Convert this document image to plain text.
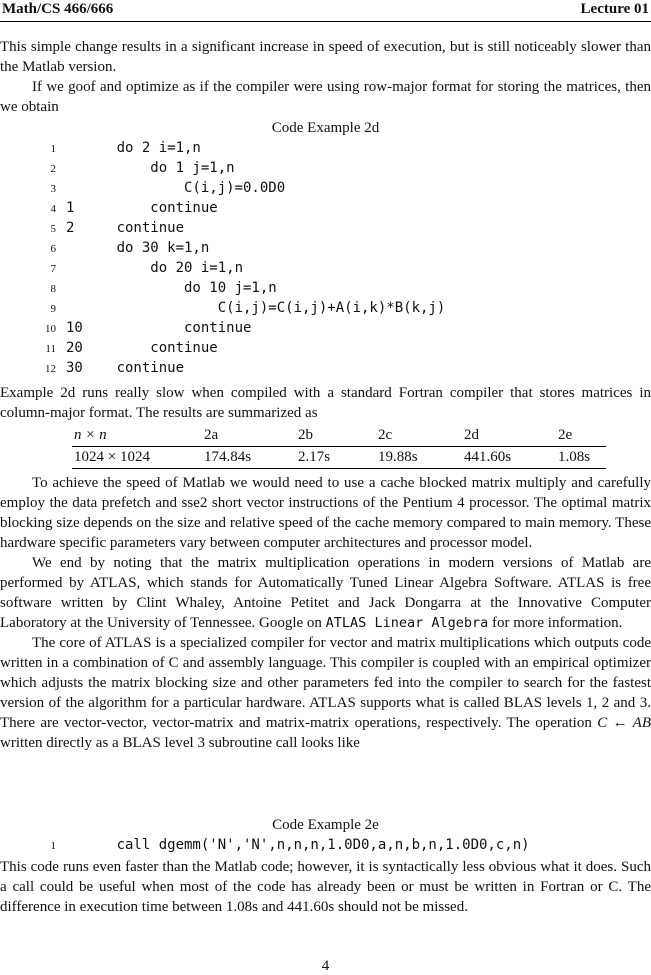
Math/CS 466/666	Lecture 01

This simple change results in a significant increase in speed of execution, but is still noticeably slower than the Matlab version.

If we goof and optimize as if the compiler were using row-major format for storing the matrices, then we obtain

Code Example 2d
1 do 2 i=1,n
2 do 1 j=1,n
3 C(i,j)=0.0D0
4 1         continue
5 2     continue
6 do 30 k=1,n
7 do 20 i=1,n
8 do 10 j=1,n
9 C(i,j)=C(i,j)+A(i,k)*B(k,j)
10 10            continue
11 20        continue
12 30    continue
Example 2d runs really slow when compiled with a standard Fortran compiler that stores matrices in column-major format. The results are summarized as
n × n	2a	2b	2c	2d	2e
1024 × 1024	174.84s	2.17s	19.88s	441.60s	1.08s

To achieve the speed of Matlab we would need to use a cache blocked matrix multiply and carefully employ the data prefetch and sse2 short vector instructions of the Pentium 4 processor. The optimal matrix blocking size depends on the size and relative speed of the cache memory compared to main memory. These hardware specific parameters vary between computer architectures and processor model.

We end by noting that the matrix multiplication operations in modern versions of Matlab are performed by ATLAS, which stands for Automatically Tuned Linear Algebra Software. ATLAS is free software written by Clint Whaley, Antoine Petitet and Jack Dongarra at the Innovative Computer Laboratory at the University of Tennessee. Google on ATLAS Linear Algebra for more information.

The core of ATLAS is a specialized compiler for vector and matrix multiplications which outputs code written in a combination of C and assembly language. This compiler is coupled with an empirical optimizer which adjusts the matrix blocking size and other parameters fed into the compiler to search for the fastest version of the algorithm for a particular hardware. ATLAS supports what is called BLAS levels 1, 2 and 3. There are vector-vector, vector-matrix and matrix-matrix operations, respectively. The operation C ← AB written directly as a BLAS level 3 subroutine call looks like

Code Example 2e
1 call dgemm('N','N',n,n,n,1.0D0,a,n,b,n,1.0D0,c,n)
This code runs even faster than the Matlab code; however, it is syntactically less obvious what it does. Such a call could be useful when most of the code has already been or must be written in Fortran or C. The difference in execution time between 1.08s and 441.60s should not be missed.
4
